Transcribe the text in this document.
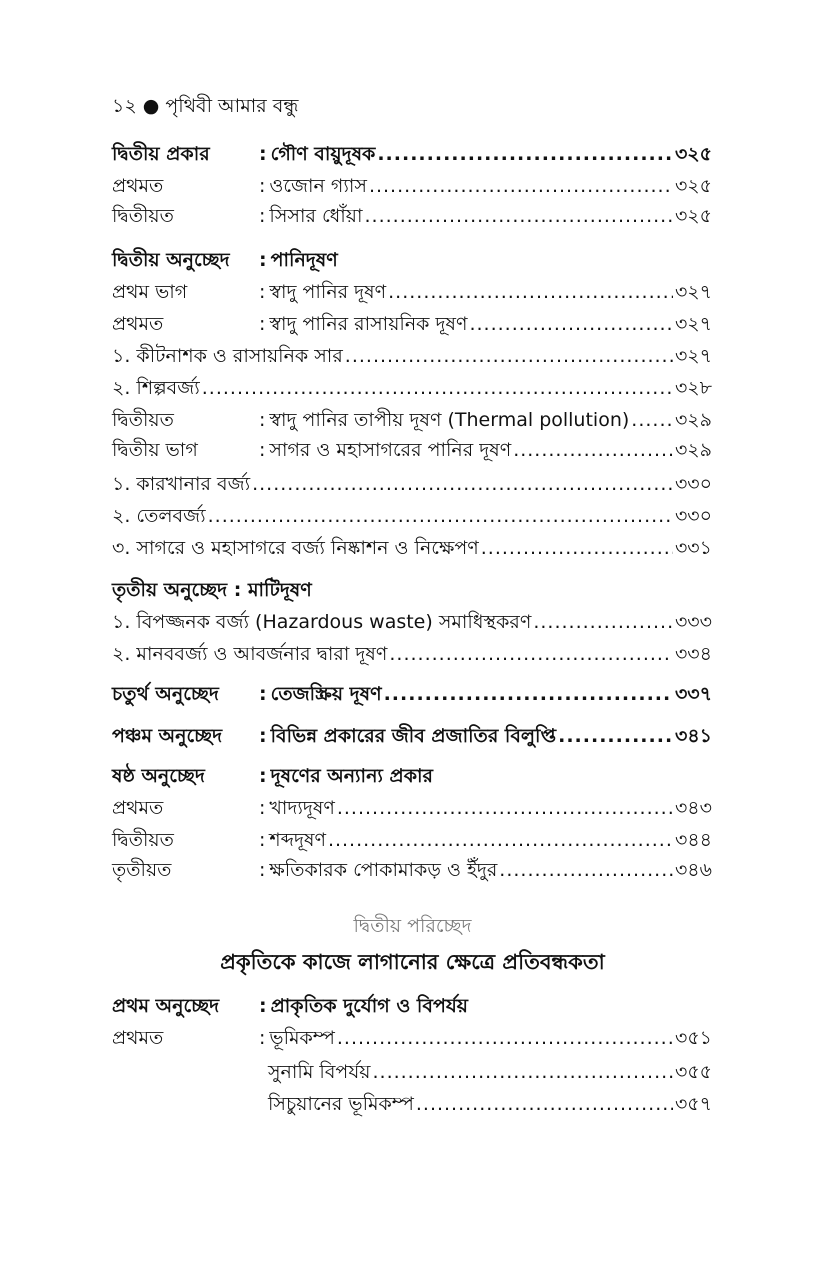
১২ ● পৃথিবী আমার বন্ধু
দ্বিতীয় প্রকার	: গৌণ বায়ুদূষক .....	৩২৫
প্রথমত	: ওজোন গ্যাস .....	৩২৫
দ্বিতীয়ত	: সিসার ধোঁয়া .....	৩২৫
দ্বিতীয় অনুচ্ছেদ	: পানিদূষণ
প্রথম ভাগ	: স্বাদু পানির দূষণ .....	৩২৭
প্রথমত	: স্বাদু পানির রাসায়নিক দূষণ .....	৩২৭
১. কীটনাশক ও রাসায়নিক সার .....	৩২৭
২. শিল্পবর্জ্য .....	৩২৮
দ্বিতীয়ত	: স্বাদু পানির তাপীয় দূষণ (Thermal pollution) ..... ৩২৯
দ্বিতীয় ভাগ	: সাগর ও মহাসাগরের পানির দূষণ .....	৩২৯
১. কারখানার বর্জ্য .....	৩৩০
২. তেলবর্জ্য .....	৩৩০
৩. সাগরে ও মহাসাগরে বর্জ্য নিষ্কাশন ও নিক্ষেপণ .....	৩৩১
তৃতীয় অনুচ্ছেদ : মাটিদূষণ
১. বিপজ্জনক বর্জ্য (Hazardous waste) সমাধিস্থকরণ .....	৩৩৩
২. মানববর্জ্য ও আবর্জনার দ্বারা দূষণ .....	৩৩৪
চতুর্থ অনুচ্ছেদ	: তেজস্ক্রিয় দূষণ .....	৩৩৭
পঞ্চম অনুচ্ছেদ	: বিভিন্ন প্রকারের জীব প্রজাতির বিলুপ্তি .....	৩৪১
ষষ্ঠ অনুচ্ছেদ	: দূষণের অন্যান্য প্রকার
প্রথমত	: খাদ্যদূষণ .....	৩৪৩
দ্বিতীয়ত	: শব্দদূষণ .....	৩৪৪
তৃতীয়ত	: ক্ষতিকারক পোকামাকড় ও ইঁদুর .....	৩৪৬
দ্বিতীয় পরিচ্ছেদ
প্রকৃতিকে কাজে লাগানোর ক্ষেত্রে প্রতিবন্ধকতা
প্রথম অনুচ্ছেদ	: প্রাকৃতিক দুর্যোগ ও বিপর্যয়
প্রথমত	: ভূমিকম্প .....	৩৫১
সুনামি বিপর্যয় .....	৩৫৫
সিচুয়ানের ভূমিকম্প .....	৩৫৭
